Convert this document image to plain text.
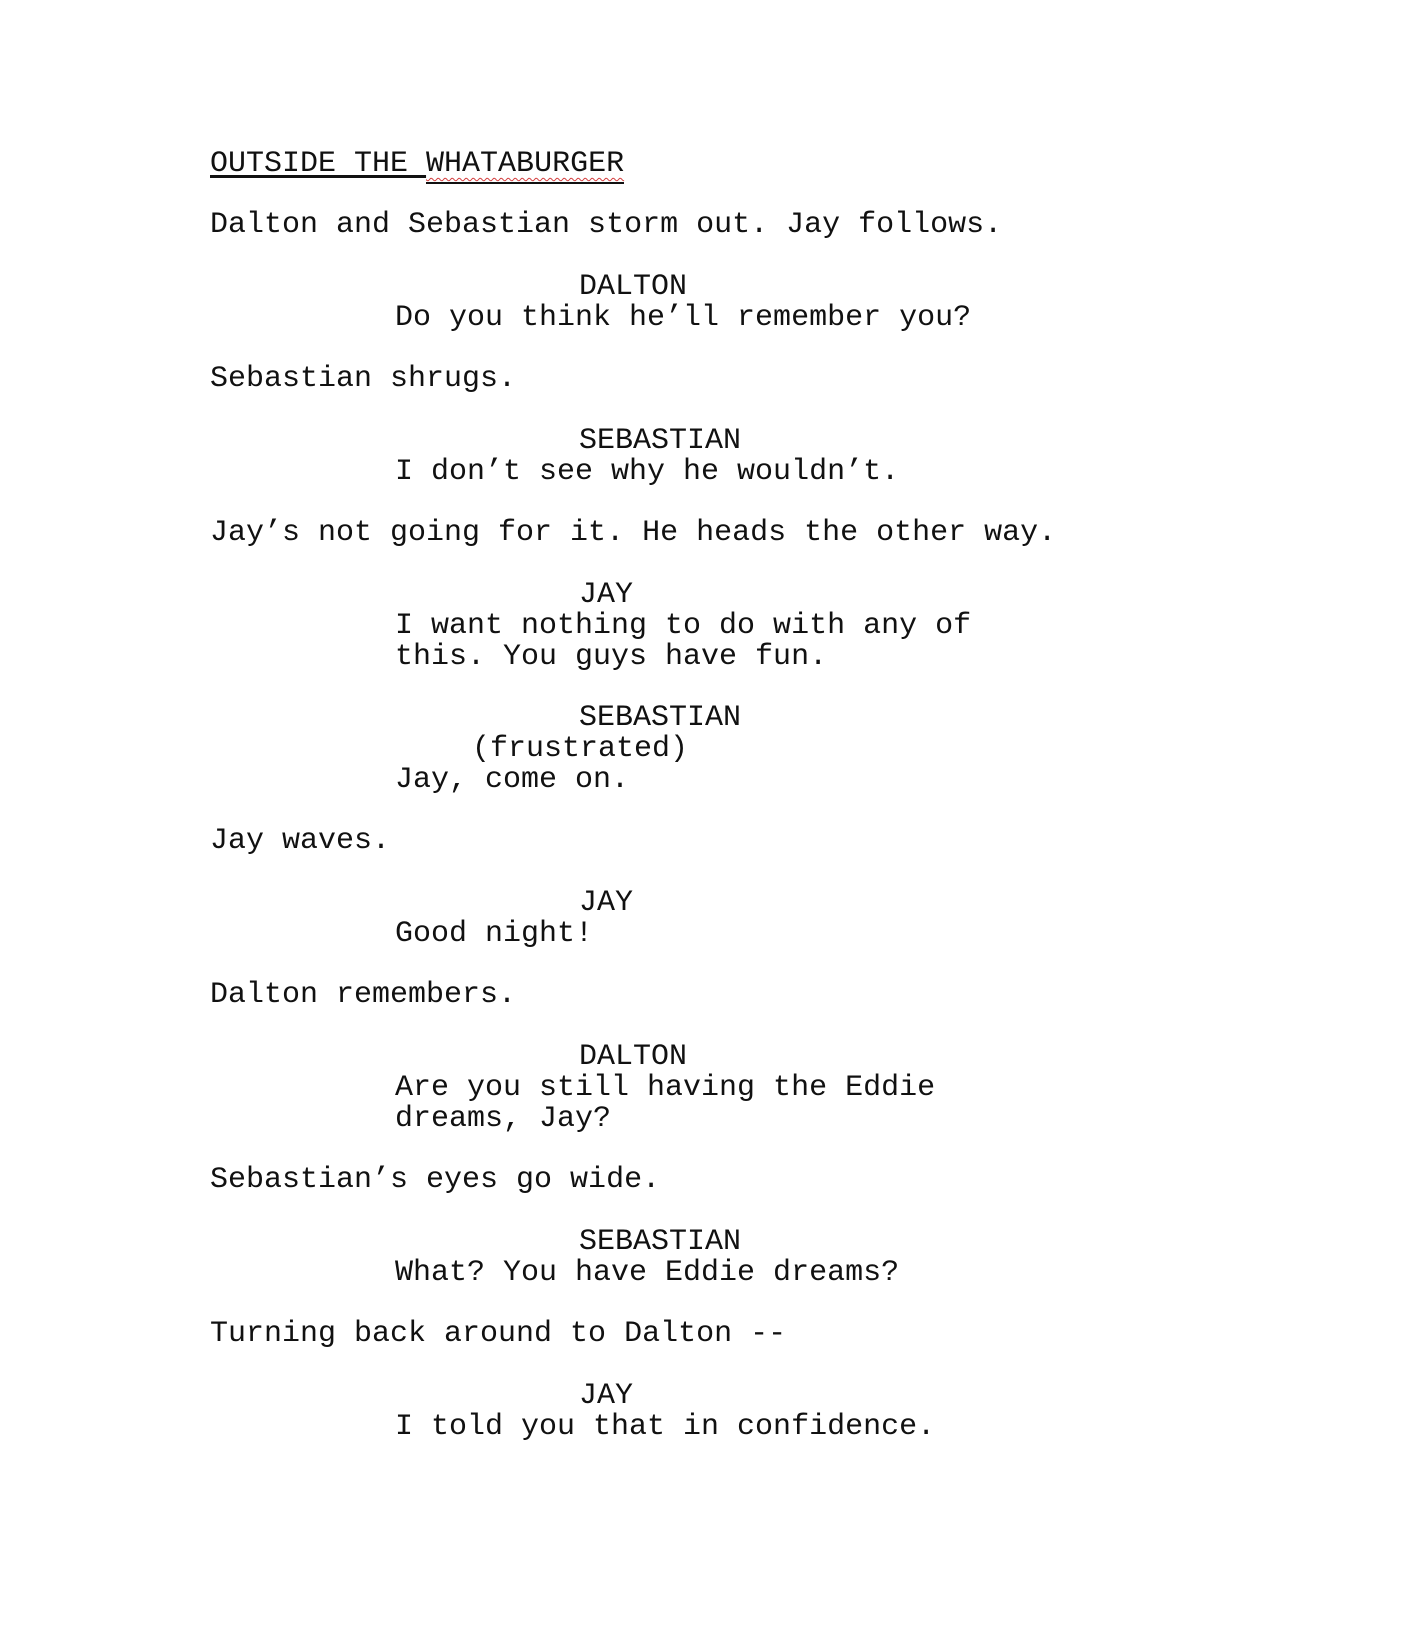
OUTSIDE THE WHATABURGER
Dalton and Sebastian storm out. Jay follows.
DALTON
Do you think he’ll remember you?
Sebastian shrugs.
SEBASTIAN
I don’t see why he wouldn’t.
Jay’s not going for it. He heads the other way.
JAY
I want nothing to do with any of
this. You guys have fun.
SEBASTIAN
(frustrated)
Jay, come on.
Jay waves.
JAY
Good night!
Dalton remembers.
DALTON
Are you still having the Eddie
dreams, Jay?
Sebastian’s eyes go wide.
SEBASTIAN
What? You have Eddie dreams?
Turning back around to Dalton --
JAY
I told you that in confidence.
